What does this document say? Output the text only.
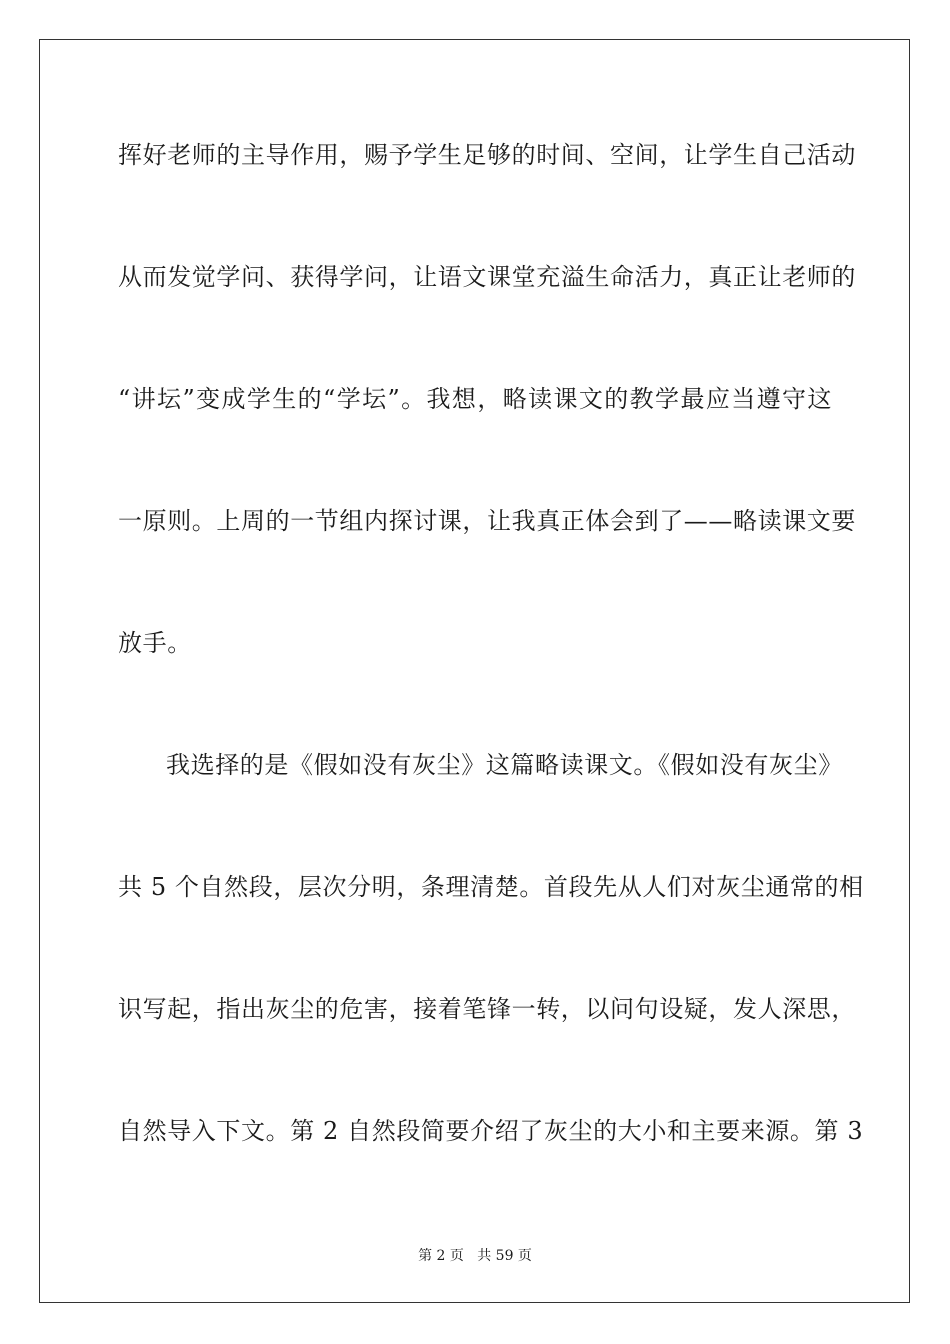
挥好老师的主导作用，赐予学生足够的时间、空间，让学生自己活动
从而发觉学问、获得学问，让语文课堂充溢生命活力，真正让老师的
“讲坛”变成学生的“学坛”。我想，略读课文的教学最应当遵守这
一原则。上周的一节组内探讨课，让我真正体会到了——略读课文要
放手。
我选择的是《假如没有灰尘》这篇略读课文。《假如没有灰尘》
共 5 个自然段，层次分明，条理清楚。首段先从人们对灰尘通常的相
识写起，指出灰尘的危害，接着笔锋一转，以问句设疑，发人深思，
自然导入下文。第 2 自然段简要介绍了灰尘的大小和主要来源。第 3
第 2 页   共 59 页
